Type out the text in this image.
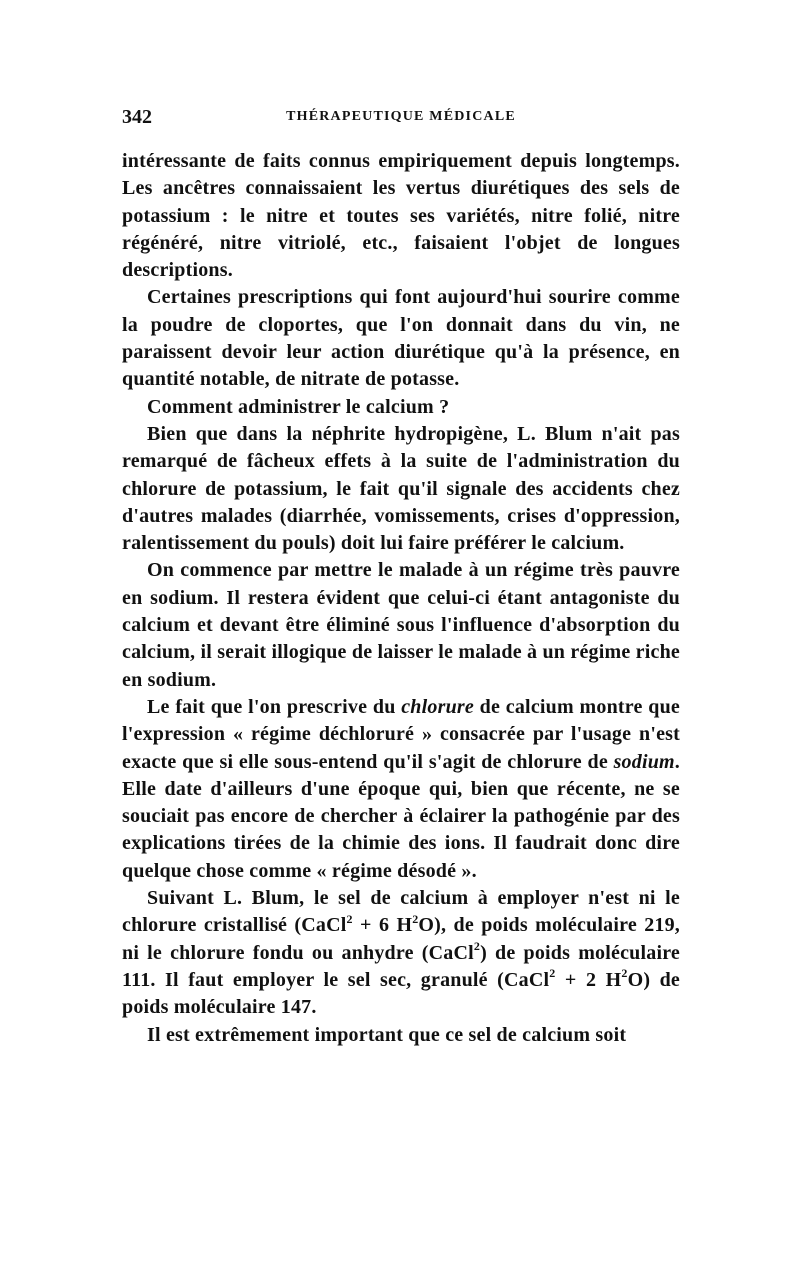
342	THÉRAPEUTIQUE MÉDICALE

intéressante de faits connus empiriquement depuis longtemps. Les ancêtres connaissaient les vertus diurétiques des sels de potassium : le nitre et toutes ses variétés, nitre folié, nitre régénéré, nitre vitriolé, etc., faisaient l'objet de longues descriptions.

Certaines prescriptions qui font aujourd'hui sourire comme la poudre de cloportes, que l'on donnait dans du vin, ne paraissent devoir leur action diurétique qu'à la présence, en quantité notable, de nitrate de potasse.

Comment administrer le calcium ?

Bien que dans la néphrite hydropigène, L. Blum n'ait pas remarqué de fâcheux effets à la suite de l'administration du chlorure de potassium, le fait qu'il signale des accidents chez d'autres malades (diarrhée, vomissements, crises d'oppression, ralentissement du pouls) doit lui faire préférer le calcium.

On commence par mettre le malade à un régime très pauvre en sodium. Il restera évident que celui-ci étant antagoniste du calcium et devant être éliminé sous l'influence d'absorption du calcium, il serait illogique de laisser le malade à un régime riche en sodium.

Le fait que l'on prescrive du chlorure de calcium montre que l'expression « régime déchloruré » consacrée par l'usage n'est exacte que si elle sous-entend qu'il s'agit de chlorure de sodium. Elle date d'ailleurs d'une époque qui, bien que récente, ne se souciait pas encore de chercher à éclairer la pathogénie par des explications tirées de la chimie des ions. Il faudrait donc dire quelque chose comme « régime désodé ».

Suivant L. Blum, le sel de calcium à employer n'est ni le chlorure cristallisé (CaCl$^2$ + 6 $H^2O$), de poids moléculaire 219, ni le chlorure fondu ou anhydre (CaCl$^2$) de poids moléculaire 111. Il faut employer le sel sec, granulé (CaCl$^2$ + 2 $H^2O$) de poids moléculaire 147.

Il est extrêmement important que ce sel de calcium soit
